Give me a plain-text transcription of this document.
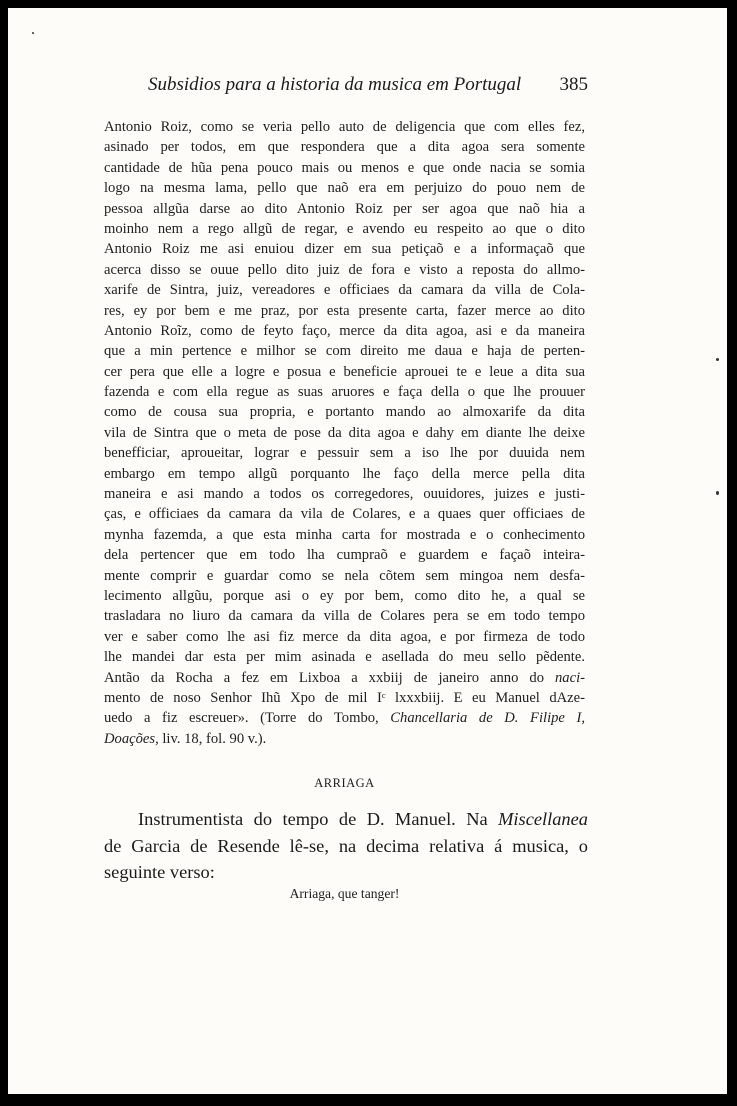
Subsidios para a historia da musica em Portugal 385
Antonio Roiz, como se veria pello auto de deligencia que com elles fez,
asinado per todos, em que respondera que a dita agoa sera somente
cantidade de hũa pena pouco mais ou menos e que onde nacia se somia
logo na mesma lama, pello que naõ era em perjuizo do pouo nem de
pessoa allgũa darse ao dito Antonio Roiz per ser agoa que naõ hia a
moinho nem a rego allgũ de regar, e avendo eu respeito ao que o dito
Antonio Roiz me asi enuiou dizer em sua petiçaõ e a informaçaõ que
acerca disso se ouue pello dito juiz de fora e visto a reposta do allmo-
xarife de Sintra, juiz, vereadores e officiaes da camara da villa de Cola-
res, ey por bem e me praz, por esta presente carta, fazer merce ao dito
Antonio Roĩz, como de feyto faço, merce da dita agoa, asi e da maneira
que a min pertence e milhor se com direito me daua e haja de perten-
cer pera que elle a logre e posua e beneficie aprouei te e leue a dita sua
fazenda e com ella regue as suas aruores e faça della o que lhe prouuer
como de cousa sua propria, e portanto mando ao almoxarife da dita
vila de Sintra que o meta de pose da dita agoa e dahy em diante lhe deixe
benefficiar, aproueitar, lograr e pessuir sem a iso lhe por duuida nem
embargo em tempo allgũ porquanto lhe faço della merce pella dita
maneira e asi mando a todos os corregedores, ouuidores, juizes e justi-
ças, e officiaes da camara da vila de Colares, e a quaes quer officiaes de
mynha fazemda, a que esta minha carta for mostrada e o conhecimento
dela pertencer que em todo lha cumpraõ e guardem e façaõ inteira-
mente comprir e guardar como se nela cõtem sem mingoa nem desfa-
lecimento allgũu, porque asi o ey por bem, como dito he, a qual se
trasladara no liuro da camara da villa de Colares pera se em todo tempo
ver e saber como lhe asi fiz merce da dita agoa, e por firmeza de todo
lhe mandei dar esta per mim asinada e asellada do meu sello pẽdente.
Antão da Rocha a fez em Lixboa a xxbiij de janeiro anno do naci-
mento de noso Senhor Ihũ Xpo de mil Iᶜ lxxxbiij. E eu Manuel dAze-
uedo a fiz escreuer». (Torre do Tombo, Chancellaria de D. Filipe I,
Doações, liv. 18, fol. 90 v.).
ARRIAGA
Instrumentista do tempo de D. Manuel. Na Miscellanea
de Garcia de Resende lê-se, na decima relativa á musica, o
seguinte verso:
Arriaga, que tanger!
